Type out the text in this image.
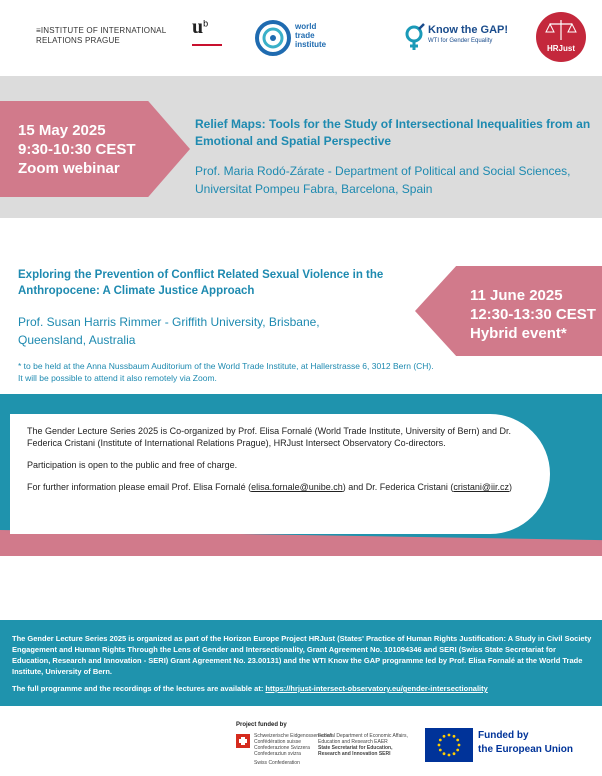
≡INSTITUTE OF INTERNATIONAL
RELATIONS PRAGUE
$u^b$	world
trade
institute
Know the GAP!
WTI for Gender Equality
HRJust
15 May 2025
9:30-10:30 CEST
Zoom webinar
Relief Maps: Tools for the Study of Intersectional Inequalities from an Emotional and Spatial Perspective
Prof. Maria Rodó-Zárate - Department of Political and Social Sciences, Universitat Pompeu Fabra, Barcelona, Spain
Exploring the Prevention of Conflict Related Sexual Violence in the Anthropocene: A Climate Justice Approach
Prof. Susan Harris Rimmer - Griffith University, Brisbane, Queensland, Australia
11 June 2025
12:30-13:30 CEST
Hybrid event*
* to be held at the Anna Nussbaum Auditorium of the World Trade Institute, at Hallerstrasse 6, 3012 Bern (CH). It will be possible to attend it also remotely via Zoom.

The Gender Lecture Series 2025 is Co-organized by Prof. Elisa Fornalé (World Trade Institute, University of Bern) and Dr. Federica Cristani (Institute of International Relations Prague), HRJust Intersect Observatory Co-directors.

Participation is open to the public and free of charge.

For further information please email Prof. Elisa Fornalé (elisa.fornale@unibe.ch) and Dr. Federica Cristani (cristani@iir.cz)

The Gender Lecture Series 2025 is organized as part of the Horizon Europe Project HRJust (States' Practice of Human Rights Justification: A Study in Civil Society Engagement and Human Rights Through the Lens of Gender and Intersectionality, Grant Agreement No. 101094346 and SERI (Swiss State Secretariat for Education, Research and Innovation - SERI) Grant Agreement No. 23.00131) and the WTI Know the GAP programme led by Prof. Elisa Fornalé at the World Trade Institute, University of Bern.

The full programme and the recordings of the lectures are available at: https://hrjust-intersect-observatory.eu/gender-intersectionality

Project funded by
Schweizerische Eidgenossenschaft
Confédération suisse
Confederazione Svizzera
Confederaziun svizra
Swiss Confederation
Federal Department of Economic Affairs,
Education and Research EAER
State Secretariat for Education,
Research and Innovation SERI
Funded by
the European Union
